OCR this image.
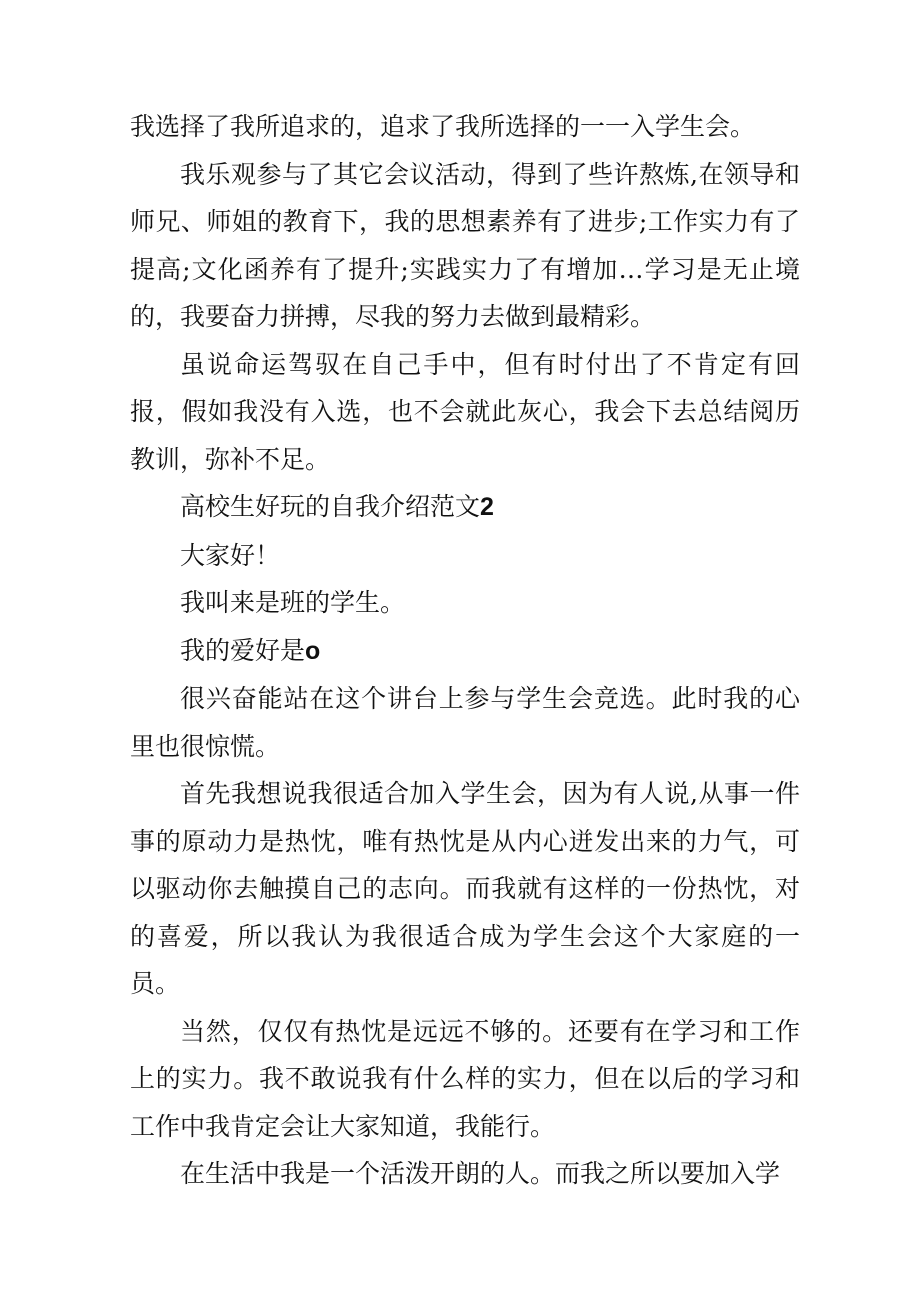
我选择了我所追求的，追求了我所选择的一一入学生会。

我乐观参与了其它会议活动，得到了些许熬炼,在领导和师兄、师姐的教育下，我的思想素养有了进步;工作实力有了提高;文化函养有了提升;实践实力了有增加…学习是无止境的，我要奋力拼搏，尽我的努力去做到最精彩。

虽说命运驾驭在自己手中，但有时付出了不肯定有回报，假如我没有入选，也不会就此灰心，我会下去总结阅历教训，弥补不足。

高校生好玩的自我介绍范文2

大家好！

我叫来是班的学生。

我的爱好是o

很兴奋能站在这个讲台上参与学生会竞选。此时我的心里也很惊慌。

首先我想说我很适合加入学生会，因为有人说,从事一件事的原动力是热忱，唯有热忱是从内心迸发出来的力气，可以驱动你去触摸自己的志向。而我就有这样的一份热忱，对的喜爱，所以我认为我很适合成为学生会这个大家庭的一员。

当然，仅仅有热忱是远远不够的。还要有在学习和工作上的实力。我不敢说我有什么样的实力，但在以后的学习和工作中我肯定会让大家知道，我能行。

在生活中我是一个活泼开朗的人。而我之所以要加入学
